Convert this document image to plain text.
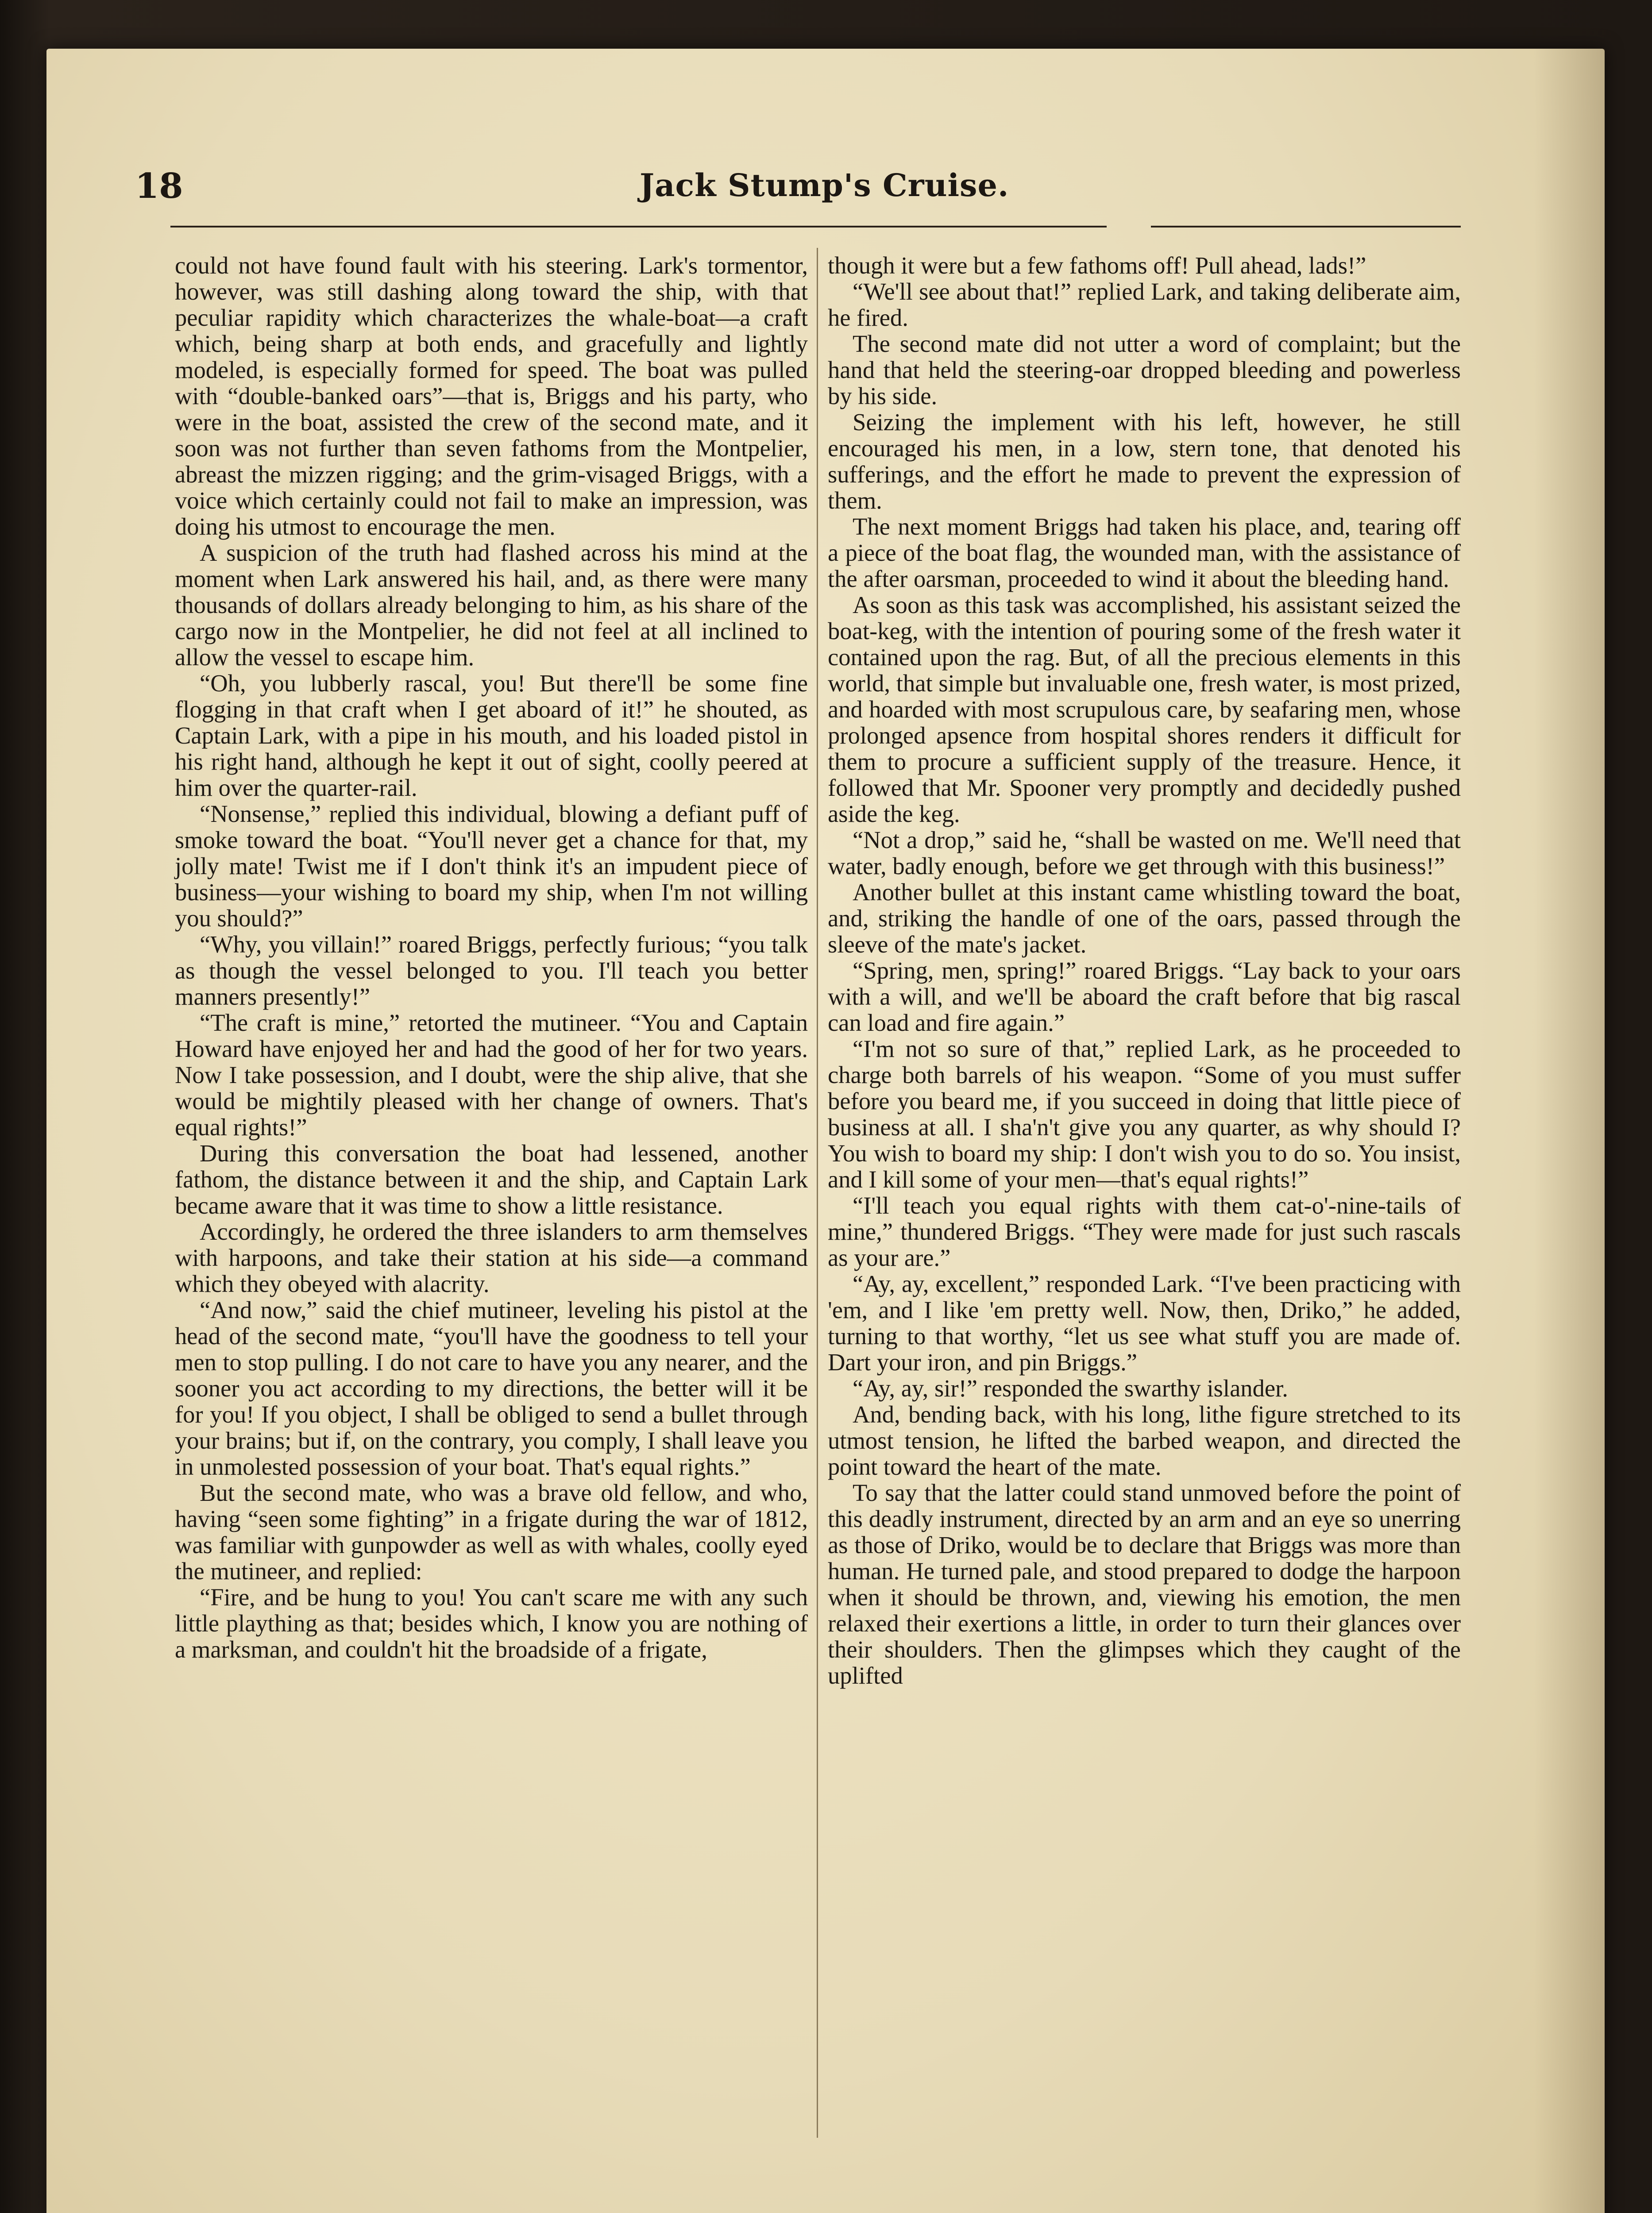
18	Jack Stump's Cruise.

could not have found fault with his steering. Lark's tormentor, however, was still dashing along toward the ship, with that peculiar rapidity which characterizes the whale-boat—a craft which, being sharp at both ends, and gracefully and lightly modeled, is especially formed for speed. The boat was pulled with “double-banked oars”—that is, Briggs and his party, who were in the boat, assisted the crew of the second mate, and it soon was not further than seven fathoms from the Montpelier, abreast the mizzen rigging; and the grim-visaged Briggs, with a voice which certainly could not fail to make an impression, was doing his utmost to encourage the men.

A suspicion of the truth had flashed across his mind at the moment when Lark answered his hail, and, as there were many thousands of dollars already belonging to him, as his share of the cargo now in the Montpelier, he did not feel at all inclined to allow the vessel to escape him.

“Oh, you lubberly rascal, you! But there'll be some fine flogging in that craft when I get aboard of it!” he shouted, as Captain Lark, with a pipe in his mouth, and his loaded pistol in his right hand, although he kept it out of sight, coolly peered at him over the quarter-rail.

“Nonsense,” replied this individual, blowing a defiant puff of smoke toward the boat. “You'll never get a chance for that, my jolly mate! Twist me if I don't think it's an impudent piece of business—your wishing to board my ship, when I'm not willing you should?”

“Why, you villain!” roared Briggs, perfectly furious; “you talk as though the vessel belonged to you. I'll teach you better manners presently!”

“The craft is mine,” retorted the mutineer. “You and Captain Howard have enjoyed her and had the good of her for two years. Now I take possession, and I doubt, were the ship alive, that she would be mightily pleased with her change of owners. That's equal rights!”

During this conversation the boat had lessened, another fathom, the distance between it and the ship, and Captain Lark became aware that it was time to show a little resistance.

Accordingly, he ordered the three islanders to arm themselves with harpoons, and take their station at his side—a command which they obeyed with alacrity.

“And now,” said the chief mutineer, leveling his pistol at the head of the second mate, “you'll have the goodness to tell your men to stop pulling. I do not care to have you any nearer, and the sooner you act according to my directions, the better will it be for you! If you object, I shall be obliged to send a bullet through your brains; but if, on the contrary, you comply, I shall leave you in unmolested possession of your boat. That's equal rights.”

But the second mate, who was a brave old fellow, and who, having “seen some fighting” in a frigate during the war of 1812, was familiar with gunpowder as well as with whales, coolly eyed the mutineer, and replied:

“Fire, and be hung to you! You can't scare me with any such little plaything as that; besides which, I know you are nothing of a marksman, and couldn't hit the broadside of a frigate,

though it were but a few fathoms off! Pull ahead, lads!”

“We'll see about that!” replied Lark, and taking deliberate aim, he fired.

The second mate did not utter a word of complaint; but the hand that held the steering-oar dropped bleeding and powerless by his side.

Seizing the implement with his left, however, he still encouraged his men, in a low, stern tone, that denoted his sufferings, and the effort he made to prevent the expression of them.

The next moment Briggs had taken his place, and, tearing off a piece of the boat flag, the wounded man, with the assistance of the after oarsman, proceeded to wind it about the bleeding hand.

As soon as this task was accomplished, his assistant seized the boat-keg, with the intention of pouring some of the fresh water it contained upon the rag. But, of all the precious elements in this world, that simple but invaluable one, fresh water, is most prized, and hoarded with most scrupulous care, by seafaring men, whose prolonged apsence from hospital shores renders it difficult for them to procure a sufficient supply of the treasure. Hence, it followed that Mr. Spooner very promptly and decidedly pushed aside the keg.

“Not a drop,” said he, “shall be wasted on me. We'll need that water, badly enough, before we get through with this business!”

Another bullet at this instant came whistling toward the boat, and, striking the handle of one of the oars, passed through the sleeve of the mate's jacket.

“Spring, men, spring!” roared Briggs. “Lay back to your oars with a will, and we'll be aboard the craft before that big rascal can load and fire again.”

“I'm not so sure of that,” replied Lark, as he proceeded to charge both barrels of his weapon. “Some of you must suffer before you beard me, if you succeed in doing that little piece of business at all. I sha'n't give you any quarter, as why should I? You wish to board my ship: I don't wish you to do so. You insist, and I kill some of your men—that's equal rights!”

“I'll teach you equal rights with them cat-o'-nine-tails of mine,” thundered Briggs. “They were made for just such rascals as your are.”

“Ay, ay, excellent,” responded Lark. “I've been practicing with 'em, and I like 'em pretty well. Now, then, Driko,” he added, turning to that worthy, “let us see what stuff you are made of. Dart your iron, and pin Briggs.”

“Ay, ay, sir!” responded the swarthy islander.

And, bending back, with his long, lithe figure stretched to its utmost tension, he lifted the barbed weapon, and directed the point toward the heart of the mate.

To say that the latter could stand unmoved before the point of this deadly instrument, directed by an arm and an eye so unerring as those of Driko, would be to declare that Briggs was more than human. He turned pale, and stood prepared to dodge the harpoon when it should be thrown, and, viewing his emotion, the men relaxed their exertions a little, in order to turn their glances over their shoulders. Then the glimpses which they caught of the uplifted
